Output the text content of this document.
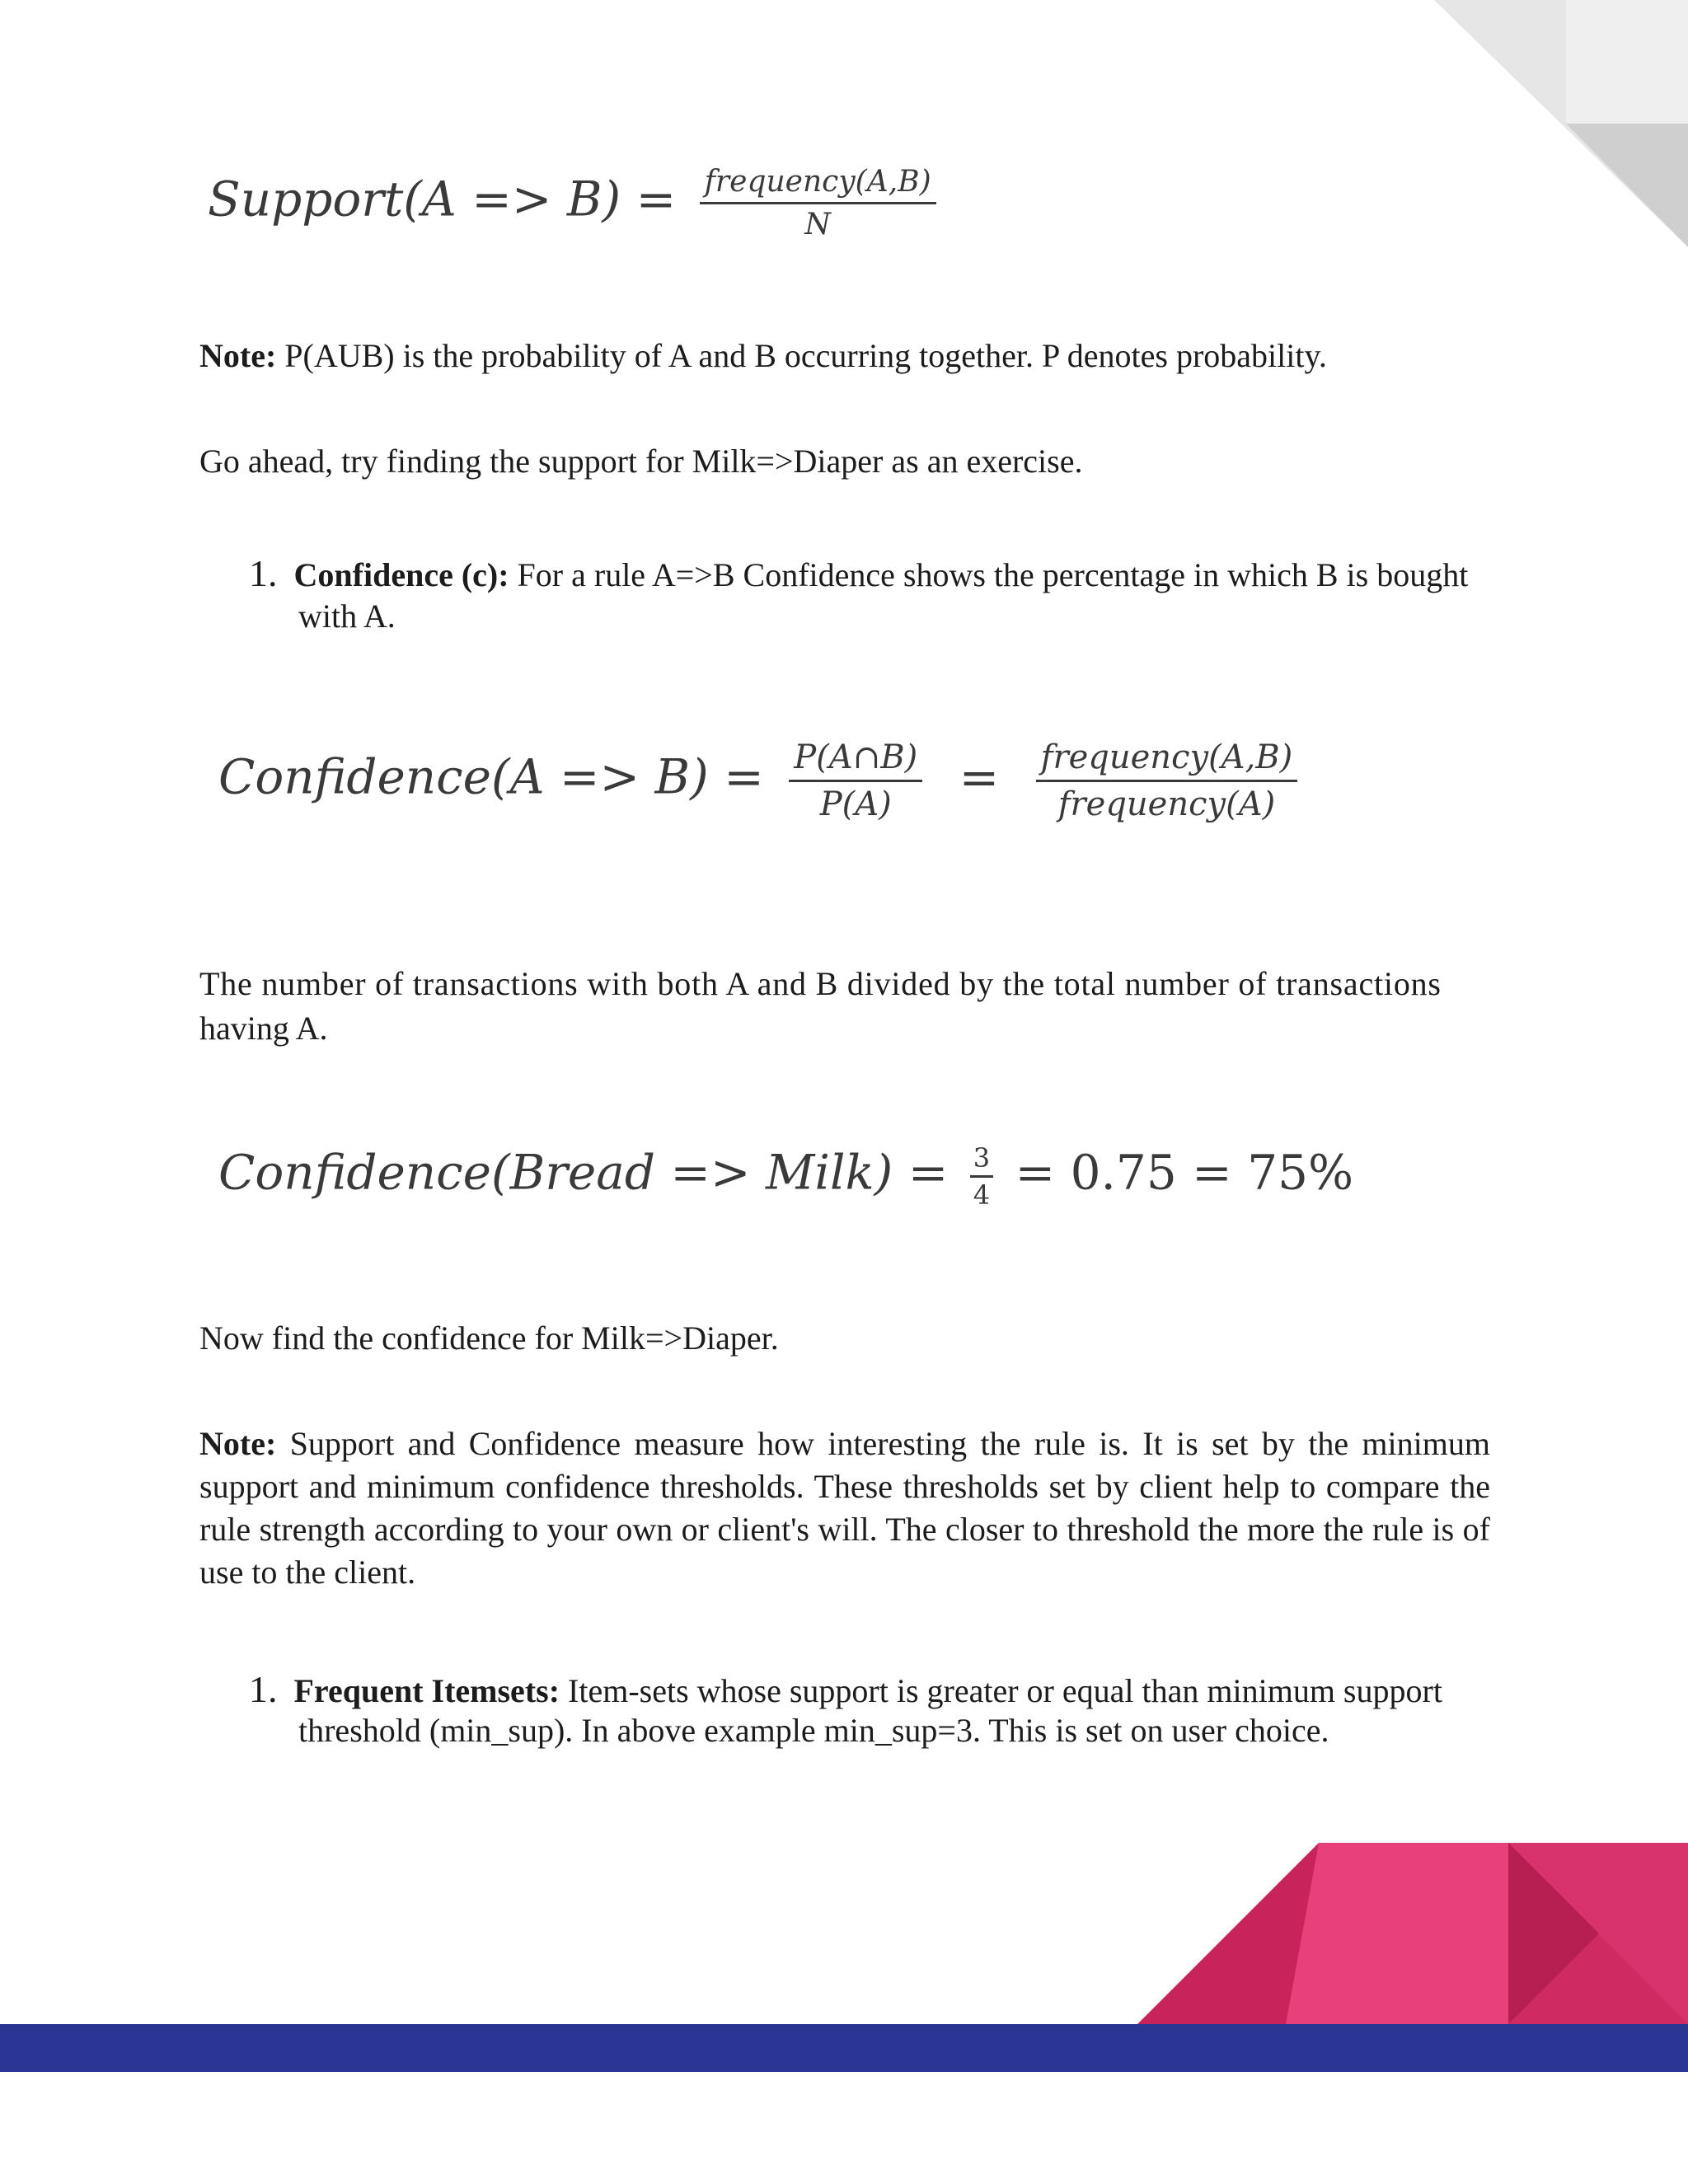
Support(A => $B) = \frac{\text{frequency(A,B)}}{N}$
Note: P(AUB) is the probability of A and B occurring together. P denotes probability.
Go ahead, try finding the support for Milk=>Diaper as an exercise.
1. Confidence (c): For a rule A=>B Confidence shows the percentage in which B is bought
with A.
Confidence(A => $B) = \frac{P(A\cap B)}{P(A)} = \frac{\text{frequency(A,B)}}{\text{frequency(A)}}$
The number of transactions with both A and B divided by the total number of transactions
having A.
Confidence(Bread => Milk) = $\frac{3}{4} = 0.75 = 75\%$
Now find the confidence for Milk=>Diaper.
Note: Support and Confidence measure how interesting the rule is. It is set by the minimum support and minimum confidence thresholds. These thresholds set by client help to compare the rule strength according to your own or client's will. The closer to threshold the more the rule is of use to the client.
1. Frequent Itemsets: Item-sets whose support is greater or equal than minimum support
threshold (min_sup). In above example min_sup=3. This is set on user choice.
